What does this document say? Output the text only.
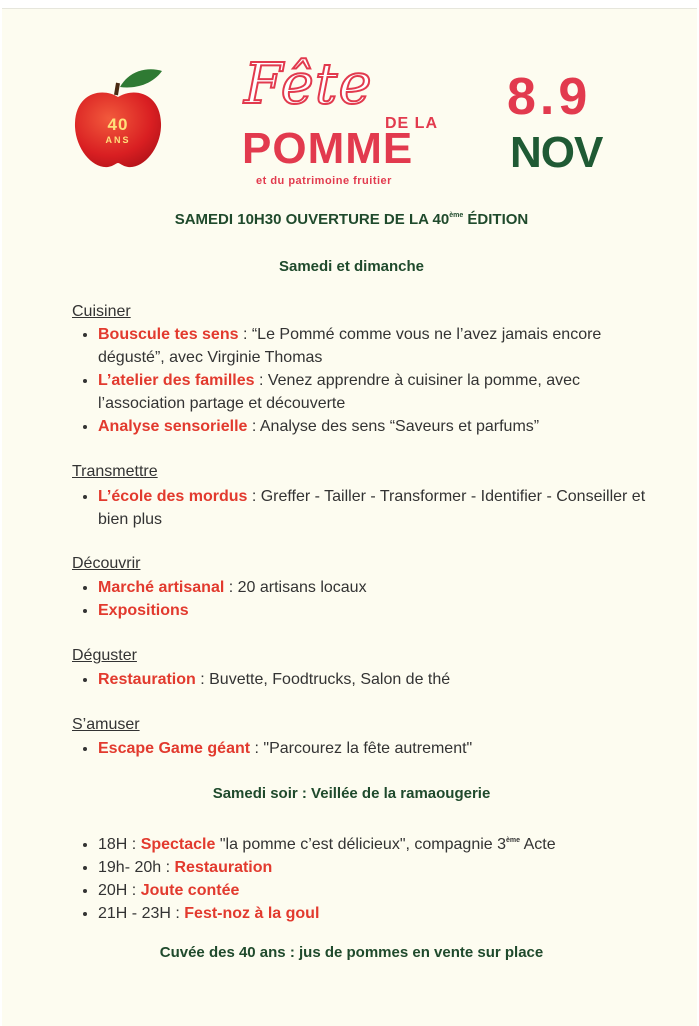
40
ANS
Fête
DE LA
POMME
et du patrimoine fruitier
8.9
NOV
SAMEDI 10H30 OUVERTURE DE LA 40ème ÉDITION
Samedi et dimanche
Cuisiner
• Bouscule tes sens : “Le Pommé comme vous ne l’avez jamais encore dégusté”, avec Virginie Thomas
• L’atelier des familles : Venez apprendre à cuisiner la pomme, avec l’association partage et découverte
• Analyse sensorielle : Analyse des sens “Saveurs et parfums”
Transmettre
• L’école des mordus : Greffer - Tailler - Transformer - Identifier - Conseiller et bien plus
Découvrir
• Marché artisanal : 20 artisans locaux
• Expositions
Déguster
• Restauration : Buvette, Foodtrucks, Salon de thé
S’amuser
• Escape Game géant : "Parcourez la fête autrement"
Samedi soir : Veillée de la ramaougerie
• 18H : Spectacle "la pomme c’est délicieux", compagnie 3ème Acte
• 19h- 20h : Restauration
• 20H : Joute contée
• 21H - 23H : Fest-noz à la goul
Cuvée des 40 ans : jus de pommes en vente sur place
